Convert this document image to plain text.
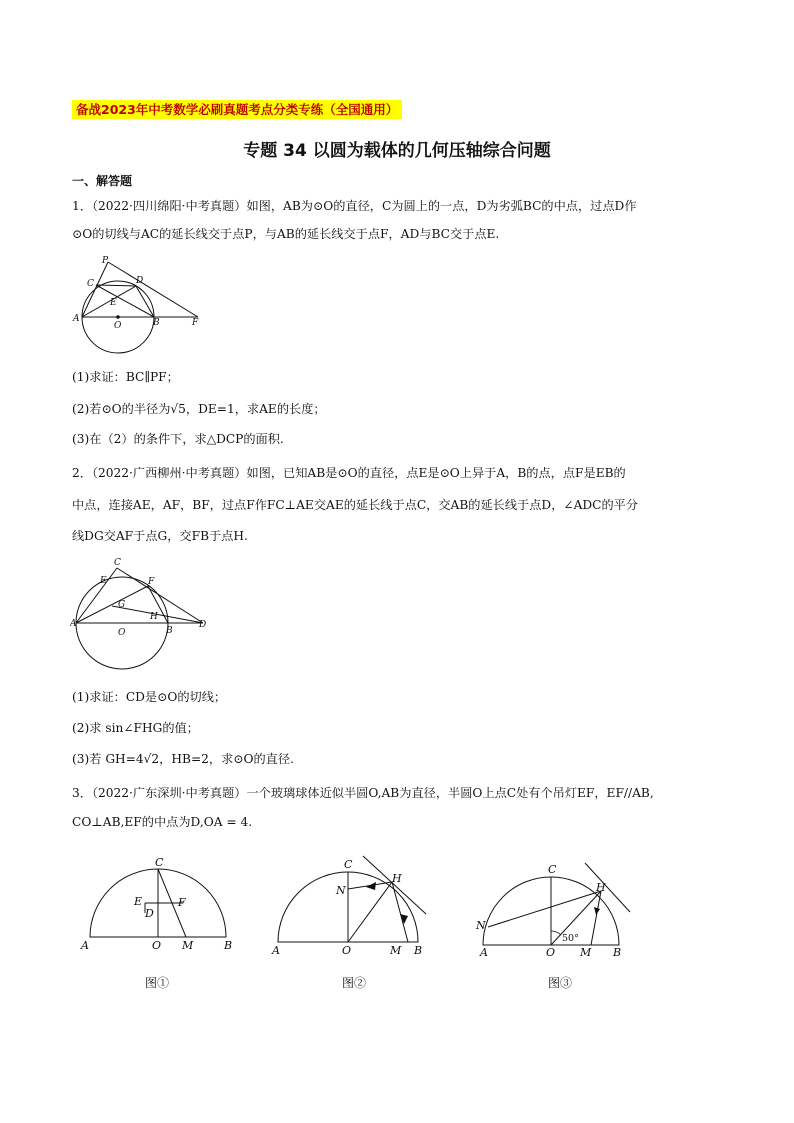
备战2023年中考数学必刷真题考点分类专练（全国通用）
专题 34 以圆为载体的几何压轴综合问题
一、解答题
1．（2022·四川绵阳·中考真题）如图，AB为⊙O的直径，C为圆上的一点，D为劣弧BC的中点，过点D作
⊙O的切线与AC的延长线交于点P，与AB的延长线交于点F，AD与BC交于点E.
P
C	D
E
A
O	B	F
(1)求证：BC∥PF；
(2)若⊙O的半径为√5，DE=1，求AE的长度；
(3)在（2）的条件下，求△DCP的面积.
2．（2022·广西柳州·中考真题）如图，已知AB是⊙O的直径，点E是⊙O上异于A，B的点，点F是EB的
中点，连接AE，AF，BF，过点F作FC⊥AE交AE的延长线于点C，交AB的延长线于点D，∠ADC的平分
线DG交AF于点G，交FB于点H.
C
E	F
G
H
A
O	B
D
(1)求证：CD是⊙O的切线；
(2)求 sin∠FHG的值；
(3)若 GH=4√2，HB=2，求⊙O的直径.
3．（2022·广东深圳·中考真题）一个玻璃球体近似半圆O,AB为直径，半圆O上点C处有个吊灯EF，EF//AB,
CO⊥AB,EF的中点为D,OA = 4.
C
E
D
F
A	O M	B
图①
C
H
N
A	O	M B
图②
C
H
N
50°
A	O M B
图③
